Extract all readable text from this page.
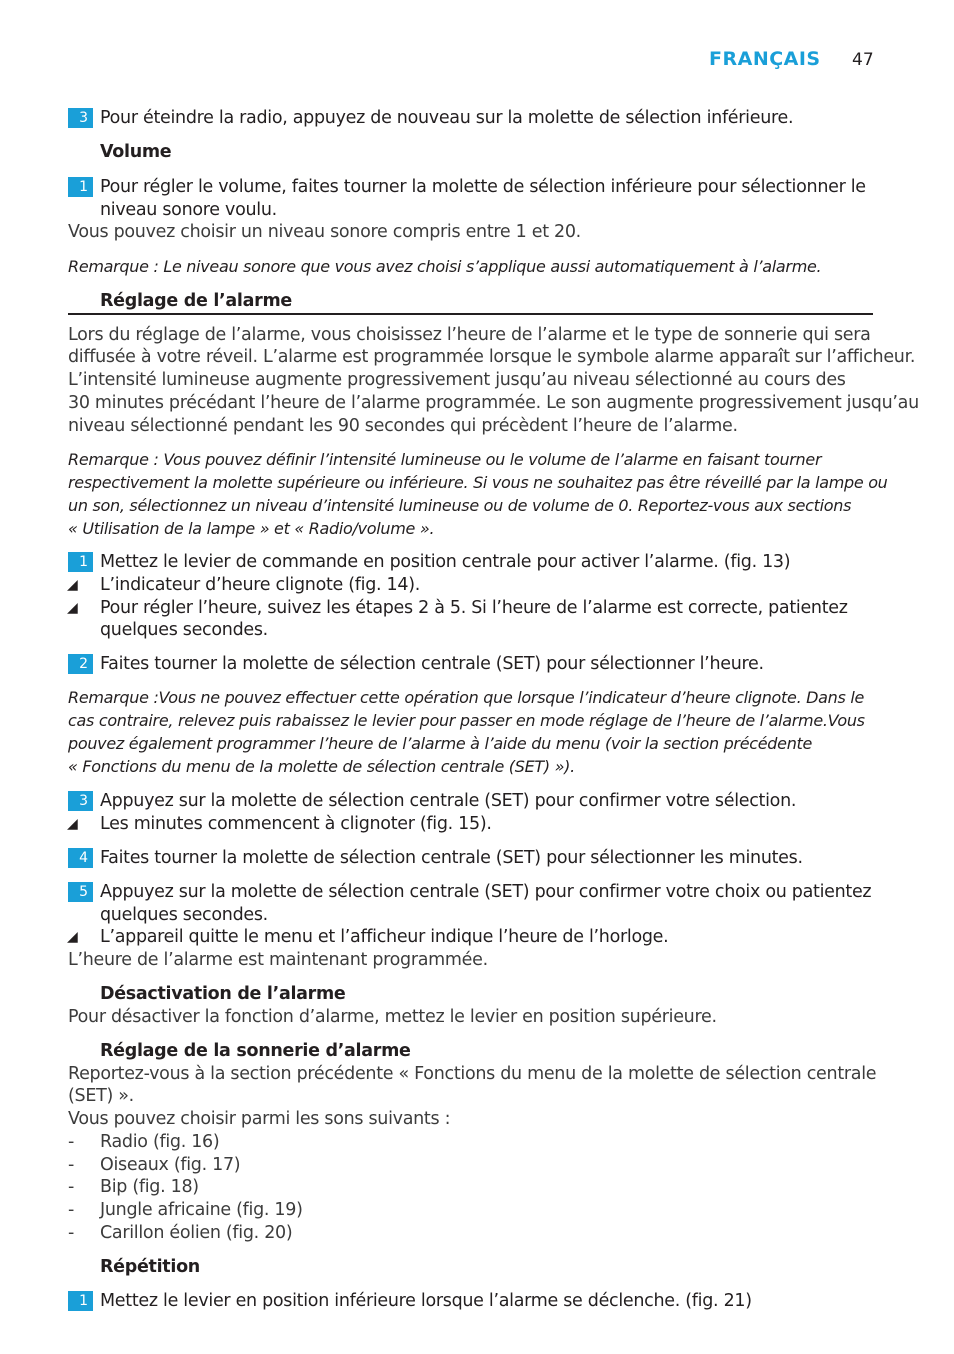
FRANÇAIS 47
3 Pour éteindre la radio, appuyez de nouveau sur la molette de sélection inférieure.
Volume
1 Pour régler le volume, faites tourner la molette de sélection inférieure pour sélectionner le
niveau sonore voulu.
Vous pouvez choisir un niveau sonore compris entre 1 et 20.
Remarque : Le niveau sonore que vous avez choisi s’applique aussi automatiquement à l’alarme.
Réglage de l’alarme
Lors du réglage de l’alarme, vous choisissez l’heure de l’alarme et le type de sonnerie qui sera
diffusée à votre réveil. L’alarme est programmée lorsque le symbole alarme apparaît sur l’afficheur.
L’intensité lumineuse augmente progressivement jusqu’au niveau sélectionné au cours des
30 minutes précédant l’heure de l’alarme programmée. Le son augmente progressivement jusqu’au
niveau sélectionné pendant les 90 secondes qui précèdent l’heure de l’alarme.
Remarque : Vous pouvez définir l’intensité lumineuse ou le volume de l’alarme en faisant tourner
respectivement la molette supérieure ou inférieure. Si vous ne souhaitez pas être réveillé par la lampe ou
un son, sélectionnez un niveau d’intensité lumineuse ou de volume de 0. Reportez-vous aux sections
« Utilisation de la lampe » et « Radio/volume ».
1 Mettez le levier de commande en position centrale pour activer l’alarme. (fig. 13)
◢ L’indicateur d’heure clignote (fig. 14).
◢ Pour régler l’heure, suivez les étapes 2 à 5. Si l’heure de l’alarme est correcte, patientez
quelques secondes.
2 Faites tourner la molette de sélection centrale (SET) pour sélectionner l’heure.
Remarque :Vous ne pouvez effectuer cette opération que lorsque l’indicateur d’heure clignote. Dans le
cas contraire, relevez puis rabaissez le levier pour passer en mode réglage de l’heure de l’alarme.Vous
pouvez également programmer l’heure de l’alarme à l’aide du menu (voir la section précédente
« Fonctions du menu de la molette de sélection centrale (SET) »).
3 Appuyez sur la molette de sélection centrale (SET) pour confirmer votre sélection.
◢ Les minutes commencent à clignoter (fig. 15).
4 Faites tourner la molette de sélection centrale (SET) pour sélectionner les minutes.
5 Appuyez sur la molette de sélection centrale (SET) pour confirmer votre choix ou patientez
quelques secondes.
◢ L’appareil quitte le menu et l’afficheur indique l’heure de l’horloge.
L’heure de l’alarme est maintenant programmée.
Désactivation de l’alarme
Pour désactiver la fonction d’alarme, mettez le levier en position supérieure.
Réglage de la sonnerie d’alarme
Reportez-vous à la section précédente « Fonctions du menu de la molette de sélection centrale
(SET) ».
Vous pouvez choisir parmi les sons suivants :
- Radio (fig. 16)
- Oiseaux (fig. 17)
- Bip (fig. 18)
- Jungle africaine (fig. 19)
- Carillon éolien (fig. 20)
Répétition
1 Mettez le levier en position inférieure lorsque l’alarme se déclenche. (fig. 21)
